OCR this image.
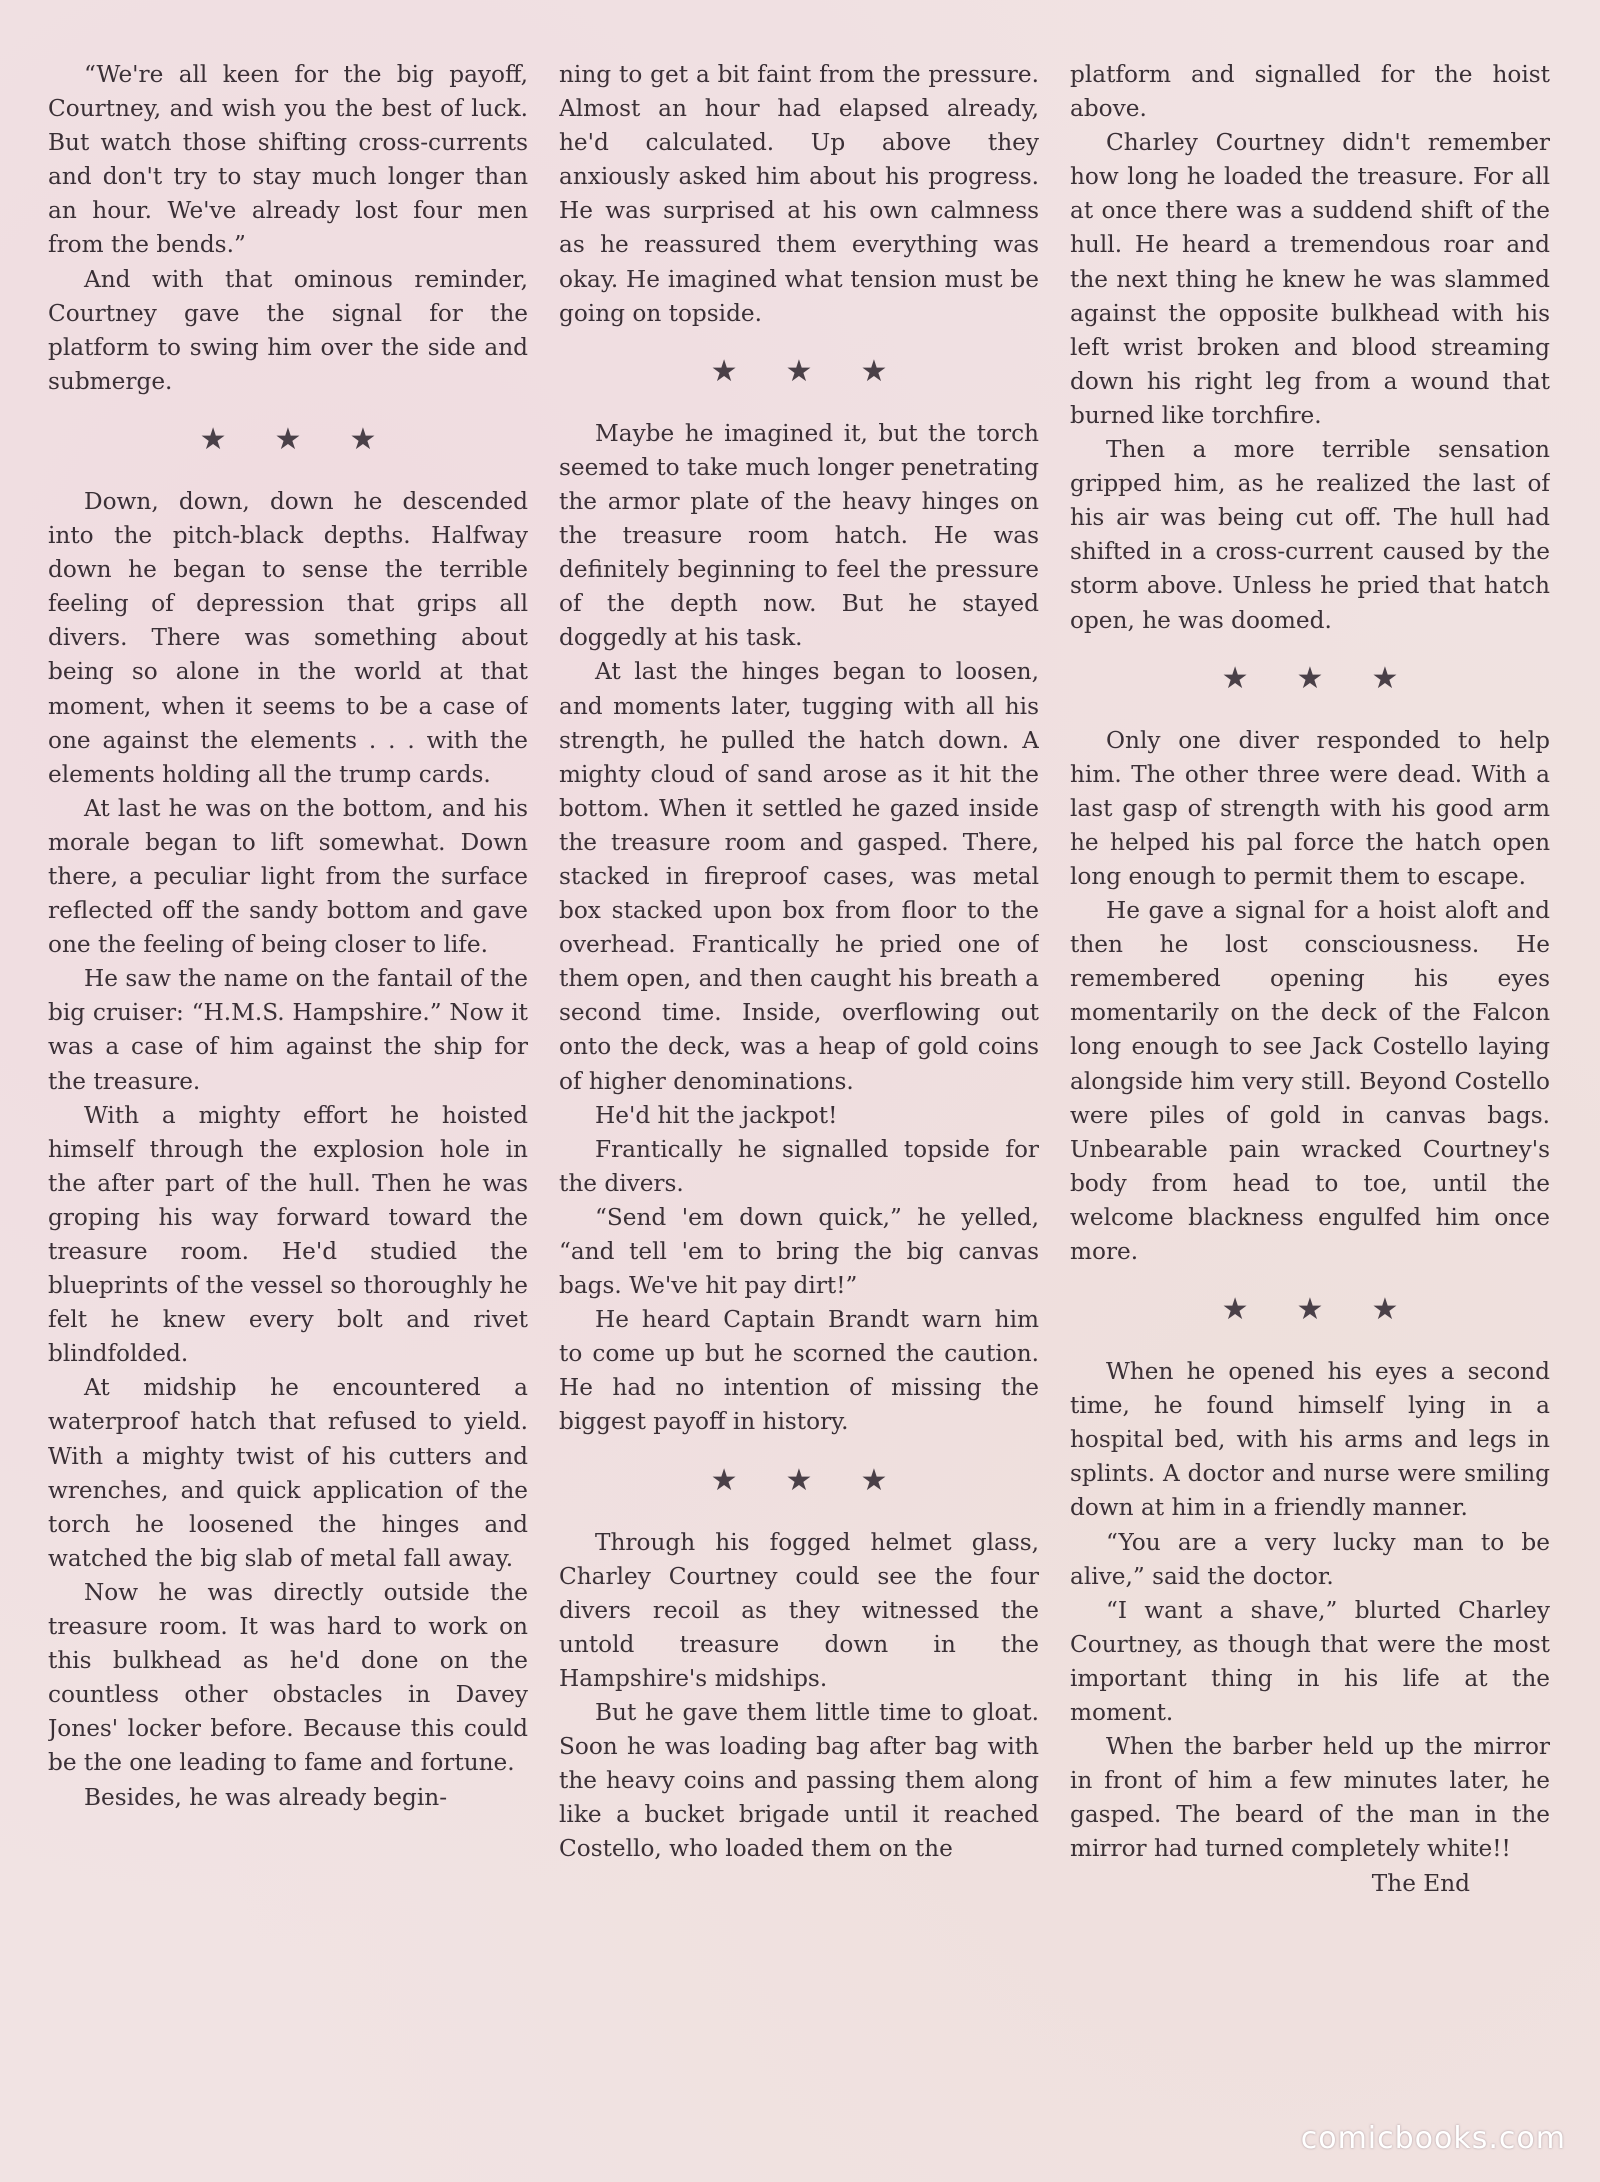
“We're all keen for the big payoff, Courtney, and wish you the best of luck. But watch those shifting cross-currents and don't try to stay much longer than an hour. We've already lost four men from the bends.”

And with that ominous reminder, Courtney gave the signal for the platform to swing him over the side and submerge.

★★★

Down, down, down he descended into the pitch-black depths. Halfway down he began to sense the terrible feeling of depression that grips all divers. There was something about being so alone in the world at that moment, when it seems to be a case of one against the elements . . . with the elements holding all the trump cards.

At last he was on the bottom, and his morale began to lift somewhat. Down there, a peculiar light from the surface reflected off the sandy bottom and gave one the feeling of being closer to life.

He saw the name on the fantail of the big cruiser: “H.M.S. Hampshire.” Now it was a case of him against the ship for the treasure.

With a mighty effort he hoisted himself through the explosion hole in the after part of the hull. Then he was groping his way forward toward the treasure room. He'd studied the blueprints of the vessel so thoroughly he felt he knew every bolt and rivet blindfolded.

At midship he encountered a waterproof hatch that refused to yield. With a mighty twist of his cutters and wrenches, and quick application of the torch he loosened the hinges and watched the big slab of metal fall away.

Now he was directly outside the treasure room. It was hard to work on this bulkhead as he'd done on the countless other obstacles in Davey Jones' locker before. Because this could be the one leading to fame and fortune.

Besides, he was already begin-

ning to get a bit faint from the pressure. Almost an hour had elapsed already, he'd calculated. Up above they anxiously asked him about his progress. He was surprised at his own calmness as he reassured them everything was okay. He imagined what tension must be going on topside.

★★★

Maybe he imagined it, but the torch seemed to take much longer penetrating the armor plate of the heavy hinges on the treasure room hatch. He was definitely beginning to feel the pressure of the depth now. But he stayed doggedly at his task.

At last the hinges began to loosen, and moments later, tugging with all his strength, he pulled the hatch down. A mighty cloud of sand arose as it hit the bottom. When it settled he gazed inside the treasure room and gasped. There, stacked in fireproof cases, was metal box stacked upon box from floor to the overhead. Frantically he pried one of them open, and then caught his breath a second time. Inside, overflowing out onto the deck, was a heap of gold coins of higher denominations.

He'd hit the jackpot!

Frantically he signalled topside for the divers.

“Send 'em down quick,” he yelled, “and tell 'em to bring the big canvas bags. We've hit pay dirt!”

He heard Captain Brandt warn him to come up but he scorned the caution. He had no intention of missing the biggest payoff in history.

★★★

Through his fogged helmet glass, Charley Courtney could see the four divers recoil as they witnessed the untold treasure down in the Hampshire's midships.

But he gave them little time to gloat. Soon he was loading bag after bag with the heavy coins and passing them along like a bucket brigade until it reached Costello, who loaded them on the

platform and signalled for the hoist above.

Charley Courtney didn't remember how long he loaded the treasure. For all at once there was a suddend shift of the hull. He heard a tremendous roar and the next thing he knew he was slammed against the opposite bulkhead with his left wrist broken and blood streaming down his right leg from a wound that burned like torchfire.

Then a more terrible sensation gripped him, as he realized the last of his air was being cut off. The hull had shifted in a cross-current caused by the storm above. Unless he pried that hatch open, he was doomed.

★★★

Only one diver responded to help him. The other three were dead. With a last gasp of strength with his good arm he helped his pal force the hatch open long enough to permit them to escape.

He gave a signal for a hoist aloft and then he lost consciousness. He remembered opening his eyes momentarily on the deck of the Falcon long enough to see Jack Costello laying alongside him very still. Beyond Costello were piles of gold in canvas bags. Unbearable pain wracked Courtney's body from head to toe, until the welcome blackness engulfed him once more.

★★★

When he opened his eyes a second time, he found himself lying in a hospital bed, with his arms and legs in splints. A doctor and nurse were smiling down at him in a friendly manner.

“You are a very lucky man to be alive,” said the doctor.

“I want a shave,” blurted Charley Courtney, as though that were the most important thing in his life at the moment.

When the barber held up the mirror in front of him a few minutes later, he gasped. The beard of the man in the mirror had turned completely white!!

The End

comicbooks.com
